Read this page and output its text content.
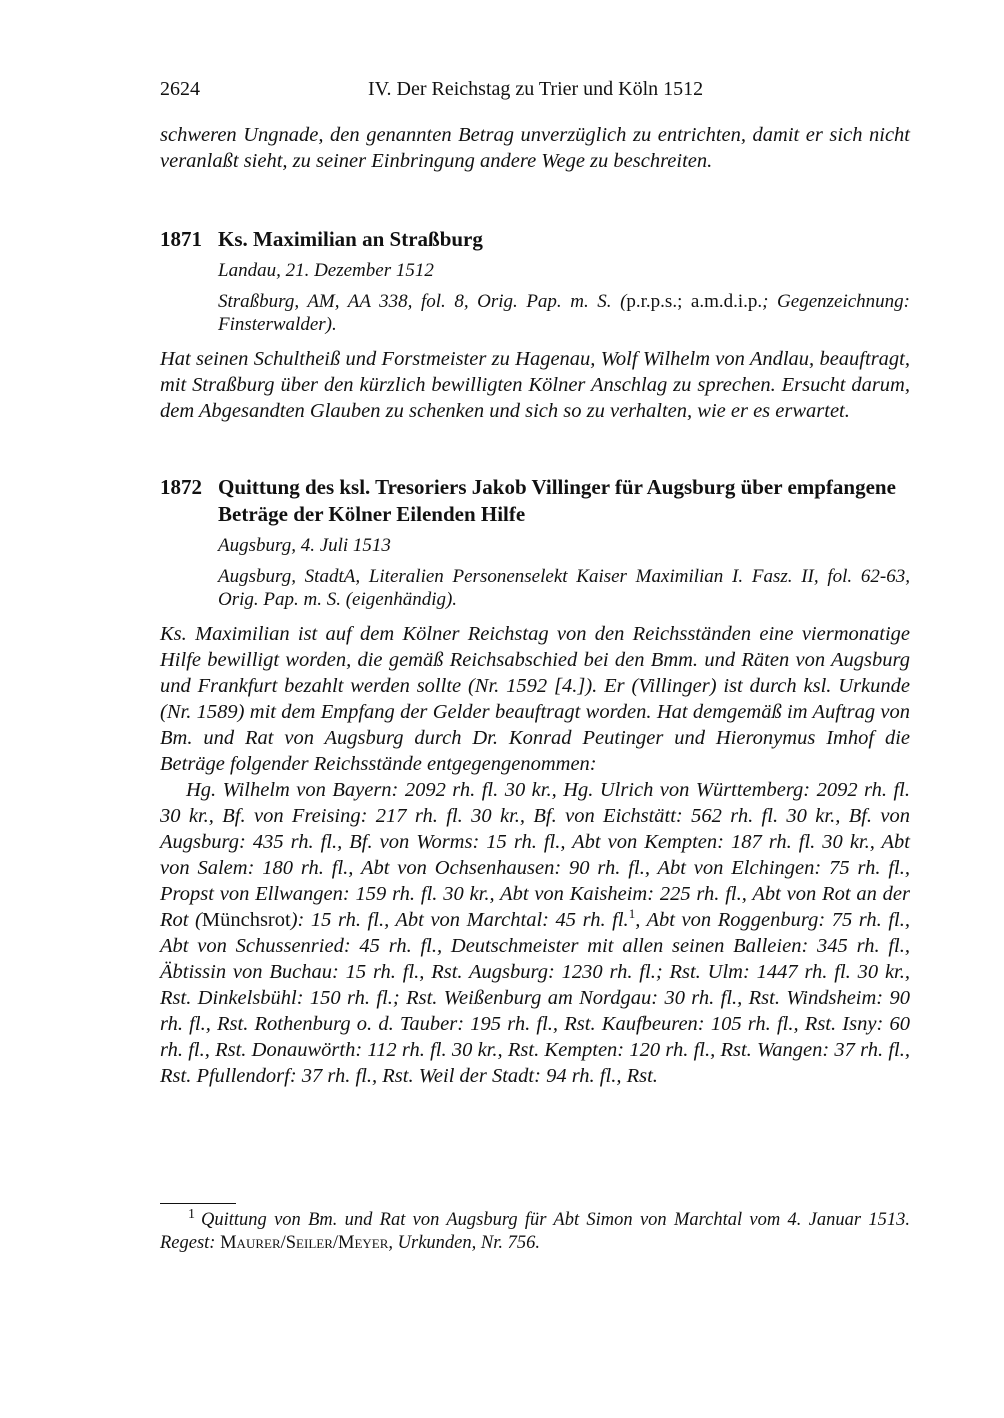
2624	IV. Der Reichstag zu Trier und Köln 1512

schweren Ungnade, den genannten Betrag unverzüglich zu entrichten, damit er sich nicht veranlaßt sieht, zu seiner Einbringung andere Wege zu beschreiten.

1871 Ks. Maximilian an Straßburg
Landau, 21. Dezember 1512
Straßburg, AM, AA 338, fol. 8, Orig. Pap. m. S. (p.r.p.s.; a.m.d.i.p.; Gegenzeichnung: Finsterwalder).

Hat seinen Schultheiß und Forstmeister zu Hagenau, Wolf Wilhelm von Andlau, beauftragt, mit Straßburg über den kürzlich bewilligten Kölner Anschlag zu sprechen. Ersucht darum, dem Abgesandten Glauben zu schenken und sich so zu verhalten, wie er es erwartet.

1872 Quittung des ksl. Tresoriers Jakob Villinger für Augsburg über empfangene Beträge der Kölner Eilenden Hilfe
Augsburg, 4. Juli 1513
Augsburg, StadtA, Literalien Personenselekt Kaiser Maximilian I. Fasz. II, fol. 62-63, Orig. Pap. m. S. (eigenhändig).

Ks. Maximilian ist auf dem Kölner Reichstag von den Reichsständen eine viermonatige Hilfe bewilligt worden, die gemäß Reichsabschied bei den Bmm. und Räten von Augsburg und Frankfurt bezahlt werden sollte (Nr. 1592 [4.]). Er (Villinger) ist durch ksl. Urkunde (Nr. 1589) mit dem Empfang der Gelder beauftragt worden. Hat demgemäß im Auftrag von Bm. und Rat von Augsburg durch Dr. Konrad Peutinger und Hieronymus Imhof die Beträge folgender Reichsstände entgegengenommen:

Hg. Wilhelm von Bayern: 2092 rh. fl. 30 kr., Hg. Ulrich von Württemberg: 2092 rh. fl. 30 kr., Bf. von Freising: 217 rh. fl. 30 kr., Bf. von Eichstätt: 562 rh. fl. 30 kr., Bf. von Augsburg: 435 rh. fl., Bf. von Worms: 15 rh. fl., Abt von Kempten: 187 rh. fl. 30 kr., Abt von Salem: 180 rh. fl., Abt von Ochsenhausen: 90 rh. fl., Abt von Elchingen: 75 rh. fl., Propst von Ellwangen: 159 rh. fl. 30 kr., Abt von Kaisheim: 225 rh. fl., Abt von Rot an der Rot (Münchsrot): 15 rh. fl., Abt von Marchtal: 45 rh. fl.$^1$, Abt von Roggenburg: 75 rh. fl., Abt von Schussenried: 45 rh. fl., Deutschmeister mit allen seinen Balleien: 345 rh. fl., Äbtissin von Buchau: 15 rh. fl., Rst. Augsburg: 1230 rh. fl.; Rst. Ulm: 1447 rh. fl. 30 kr., Rst. Dinkelsbühl: 150 rh. fl.; Rst. Weißenburg am Nordgau: 30 rh. fl., Rst. Windsheim: 90 rh. fl., Rst. Rothenburg o. d. Tauber: 195 rh. fl., Rst. Kaufbeuren: 105 rh. fl., Rst. Isny: 60 rh. fl., Rst. Donauwörth: 112 rh. fl. 30 kr., Rst. Kempten: 120 rh. fl., Rst. Wangen: 37 rh. fl., Rst. Pfullendorf: 37 rh. fl., Rst. Weil der Stadt: 94 rh. fl., Rst.

$^1$ Quittung von Bm. und Rat von Augsburg für Abt Simon von Marchtal vom 4. Januar 1513. Regest: Maurer/Seiler/Meyer, Urkunden, Nr. 756.
